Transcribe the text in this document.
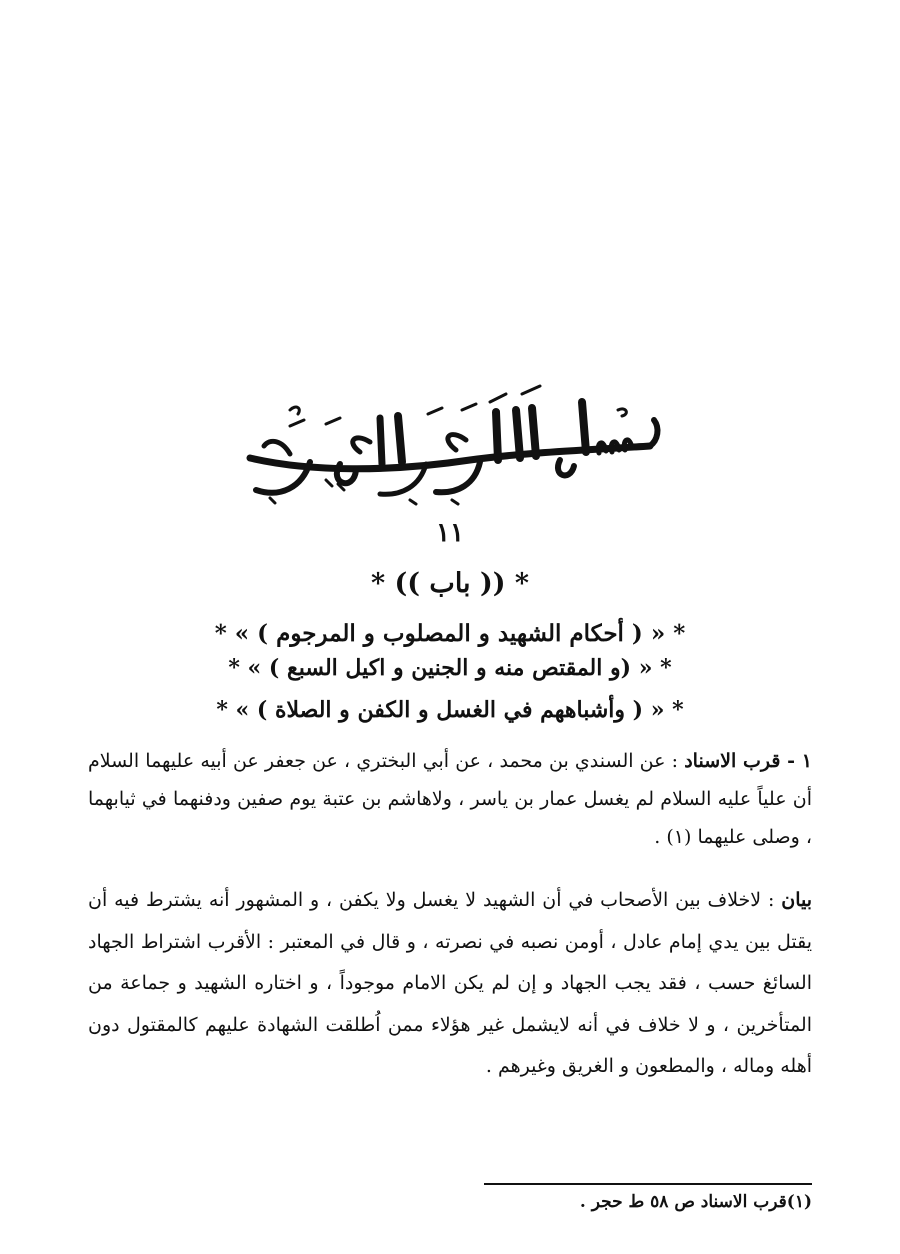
١١
* (( باب )) *
* « ( أحكام الشهيد و المصلوب و المرجوم ) » *
* « (و المقتص منه و الجنين و اكيل السبع ) » *
* « ( وأشباههم في الغسل و الكفن و الصلاة ) » *
١ - قرب الاسناد : عن السندي بن محمد ، عن أبي البختري ، عن جعفر عن أبيه عليهما السلام أن علياً عليه السلام لم يغسل عمار بن ياسر ، ولاهاشم بن عتبة يوم صفين ودفنهما في ثيابهما ، وصلى عليهما (١) .
بيان : لاخلاف بين الأصحاب في أن الشهيد لا يغسل ولا يكفن ، و المشهور أنه يشترط فيه أن يقتل بين يدي إمام عادل ، أومن نصبه في نصرته ، و قال في المعتبر : الأقرب اشتراط الجهاد السائغ حسب ، فقد يجب الجهاد و إن لم يكن الامام موجوداً ، و اختاره الشهيد و جماعة من المتأخرين ، و لا خلاف في أنه لايشمل غير هؤلاء ممن اُطلقت الشهادة عليهم كالمقتول دون أهله وماله ، والمطعون و الغريق وغيرهم .
(١)قرب الاسناد ص ٥٨ ط حجر .
